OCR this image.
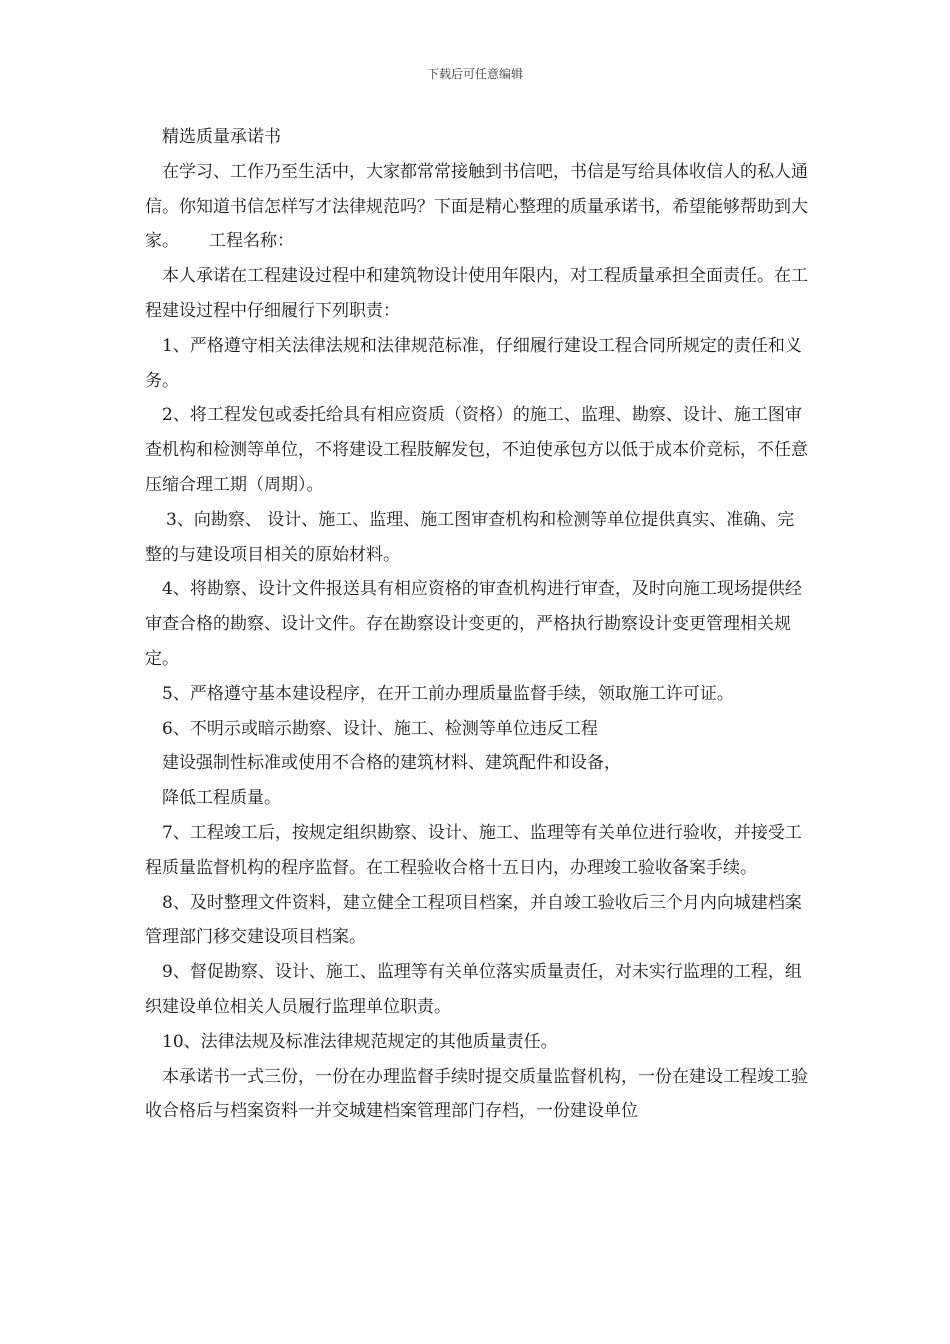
下载后可任意编辑

精选质量承诺书

在学习、工作乃至生活中，大家都常常接触到书信吧，书信是写给具体收信人的私人通信。你知道书信怎样写才法律规范吗？下面是精心整理的质量承诺书，希望能够帮助到大家。 工程名称：

本人承诺在工程建设过程中和建筑物设计使用年限内，对工程质量承担全面责任。在工程建设过程中仔细履行下列职责：

1、严格遵守相关法律法规和法律规范标准，仔细履行建设工程合同所规定的责任和义务。

2、将工程发包或委托给具有相应资质（资格）的施工、监理、勘察、设计、施工图审查机构和检测等单位，不将建设工程肢解发包，不迫使承包方以低于成本价竞标，不任意压缩合理工期（周期）。

3、向勘察、 设计、施工、监理、施工图审查机构和检测等单位提供真实、准确、完整的与建设项目相关的原始材料。

4、将勘察、设计文件报送具有相应资格的审查机构进行审查，及时向施工现场提供经审查合格的勘察、设计文件。存在勘察设计变更的，严格执行勘察设计变更管理相关规定。

5、严格遵守基本建设程序，在开工前办理质量监督手续，领取施工许可证。

6、不明示或暗示勘察、设计、施工、检测等单位违反工程

建设强制性标准或使用不合格的建筑材料、建筑配件和设备，

降低工程质量。

7、工程竣工后，按规定组织勘察、设计、施工、监理等有关单位进行验收，并接受工程质量监督机构的程序监督。在工程验收合格十五日内，办理竣工验收备案手续。

8、及时整理文件资料，建立健全工程项目档案，并自竣工验收后三个月内向城建档案管理部门移交建设项目档案。

9、督促勘察、设计、施工、监理等有关单位落实质量责任，对未实行监理的工程，组织建设单位相关人员履行监理单位职责。

10、法律法规及标准法律规范规定的其他质量责任。

本承诺书一式三份，一份在办理监督手续时提交质量监督机构，一份在建设工程竣工验收合格后与档案资料一并交城建档案管理部门存档，一份建设单位
